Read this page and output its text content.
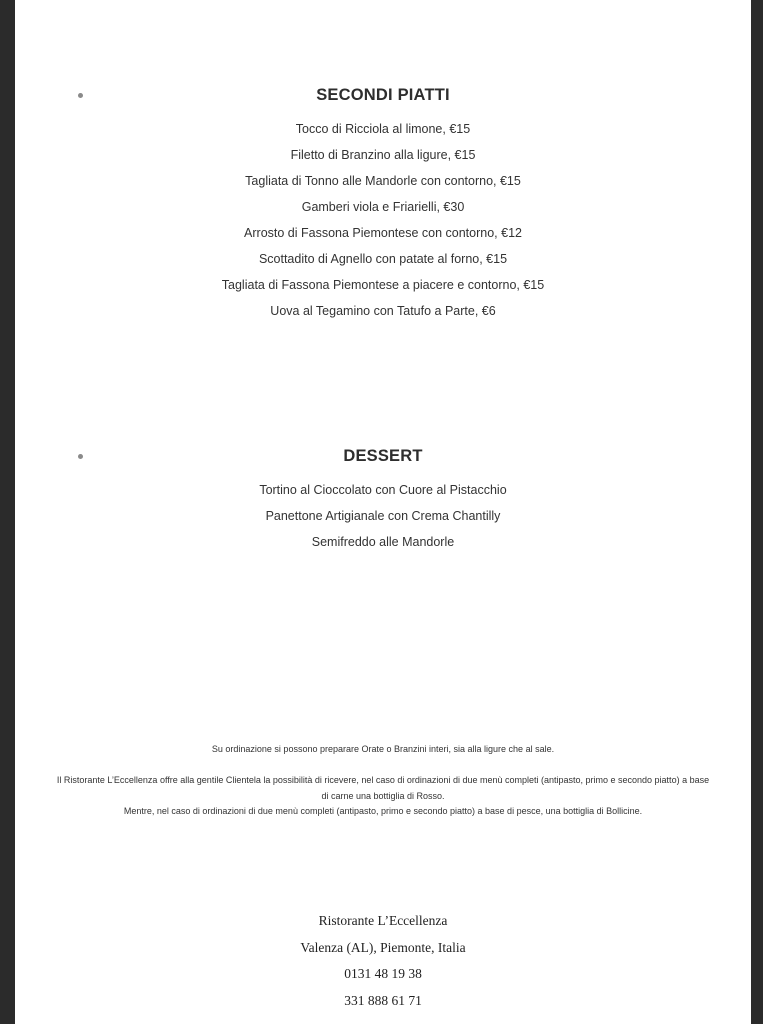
SECONDI PIATTI
Tocco di Ricciola al limone, €15
Filetto di Branzino alla ligure, €15
Tagliata di Tonno alle Mandorle con contorno, €15
Gamberi viola e Friarielli, €30
Arrosto di Fassona Piemontese con contorno, €12
Scottadito di Agnello con patate al forno, €15
Tagliata di Fassona Piemontese a piacere e contorno, €15
Uova al Tegamino con Tatufo a Parte, €6
DESSERT
Tortino al Cioccolato con Cuore al Pistacchio
Panettone Artigianale con Crema Chantilly
Semifreddo alle Mandorle

Su ordinazione si possono preparare Orate o Branzini interi, sia alla ligure che al sale.

Il Ristorante L’Eccellenza offre alla gentile Clientela la possibilità di ricevere, nel caso di ordinazioni di due menù completi (antipasto, primo e secondo piatto) a base di carne una bottiglia di Rosso.

Mentre, nel caso di ordinazioni di due menù completi (antipasto, primo e secondo piatto) a base di pesce, una bottiglia di Bollicine.

Ristorante L’Eccellenza
Valenza (AL), Piemonte, Italia
0131 48 19 38
331 888 61 71
